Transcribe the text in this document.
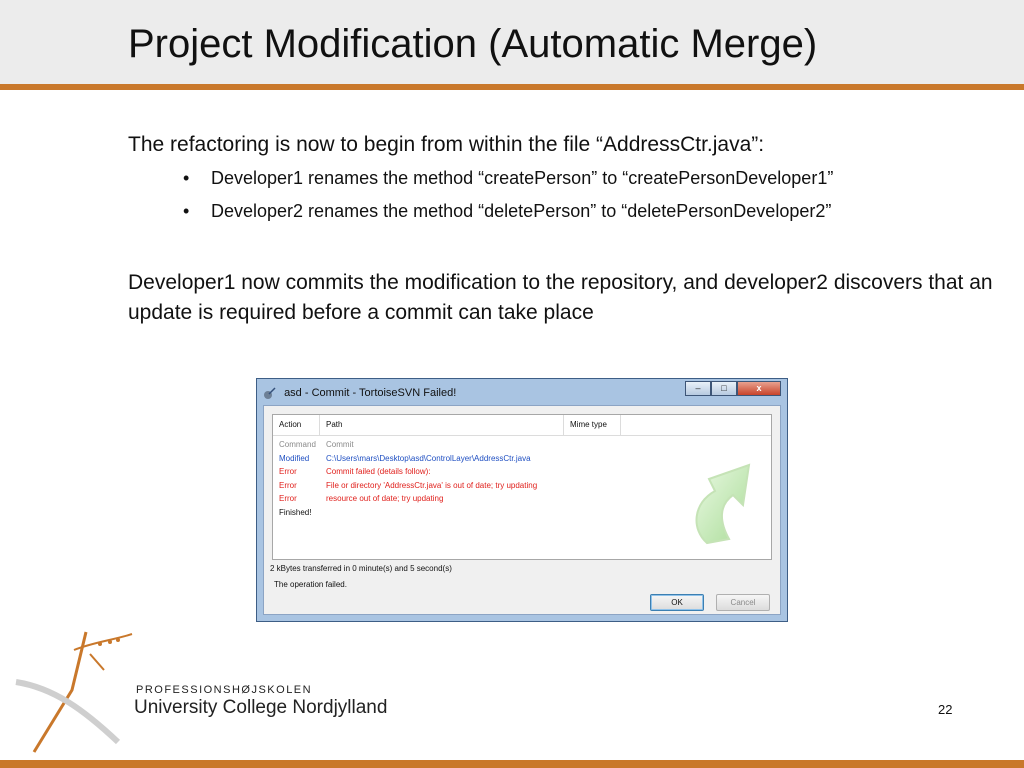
Project Modification (Automatic Merge)
The refactoring is now to begin from within the file “AddressCtr.java”:
• Developer1 renames the method “createPerson” to “createPersonDeveloper1”
• Developer2 renames the method “deletePerson” to “deletePersonDeveloper2”
Developer1 now commits the modification to the repository, and developer2 discovers that an update is required before a commit can take place
asd - Commit - TortoiseSVN Failed!	–	□	x
Action	Path	Mime type
Command Commit
Modified C:\Users\mars\Desktop\asd\ControlLayer\AddressCtr.java
Error	Commit failed (details follow):
Error	File or directory 'AddressCtr.java' is out of date; try updating
Error	resource out of date; try updating
Finished!
2 kBytes transferred in 0 minute(s) and 5 second(s)
The operation failed.
OK	Cancel
PROFESSIONSHØJSKOLEN
University College Nordjylland	22
